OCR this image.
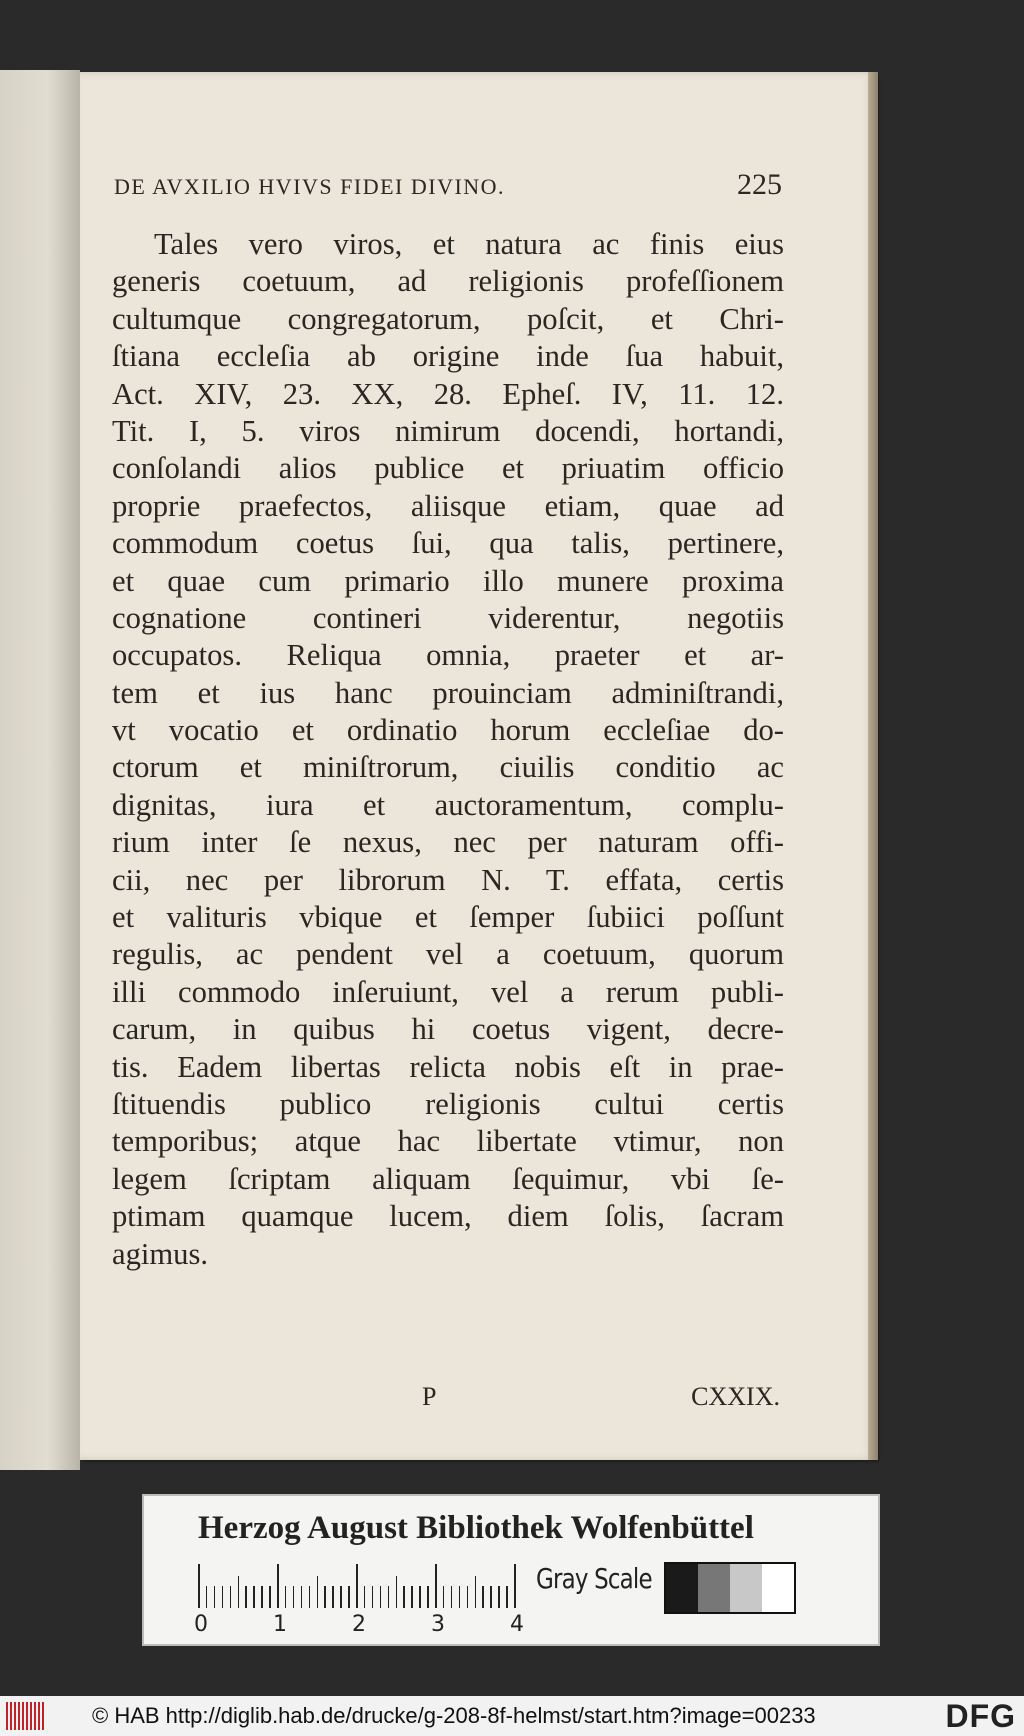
DE AVXILIO HVIVS FIDEI DIVINO.	225
Tales vero viros, et natura ac finis eius
generis coetuum, ad religionis profeſſionem
cultumque congregatorum, poſcit, et Chri-
ſtiana eccleſia ab origine inde ſua habuit,
Act. XIV, 23. XX, 28. Epheſ. IV, 11. 12.
Tit. I, 5. viros nimirum docendi, hortandi,
conſolandi alios publice et priuatim officio
proprie praefectos, aliisque etiam, quae ad
commodum coetus ſui, qua talis, pertinere,
et quae cum primario illo munere proxima
cognatione contineri viderentur, negotiis
occupatos. Reliqua omnia, praeter et ar-
tem et ius hanc prouinciam adminiſtrandi,
vt vocatio et ordinatio horum eccleſiae do-
ctorum et miniſtrorum, ciuilis conditio ac
dignitas, iura et auctoramentum, complu-
rium inter ſe nexus, nec per naturam offi-
cii, nec per librorum N. T. effata, certis
et valituris vbique et ſemper ſubiici poſſunt
regulis, ac pendent vel a coetuum, quorum
illi commodo inſeruiunt, vel a rerum publi-
carum, in quibus hi coetus vigent, decre-
tis. Eadem libertas relicta nobis eſt in prae-
ſtituendis publico religionis cultui certis
temporibus; atque hac libertate vtimur, non
legem ſcriptam aliquam ſequimur, vbi ſe-
ptimam quamque lucem, diem ſolis, ſacram
agimus.
P	CXXIX.
Herzog August Bibliothek Wolfenbüttel
0	1	2	3	4
Gray Scale
© HAB http://diglib.hab.de/drucke/g-208-8f-helmst/start.htm?image=00233	DFG
